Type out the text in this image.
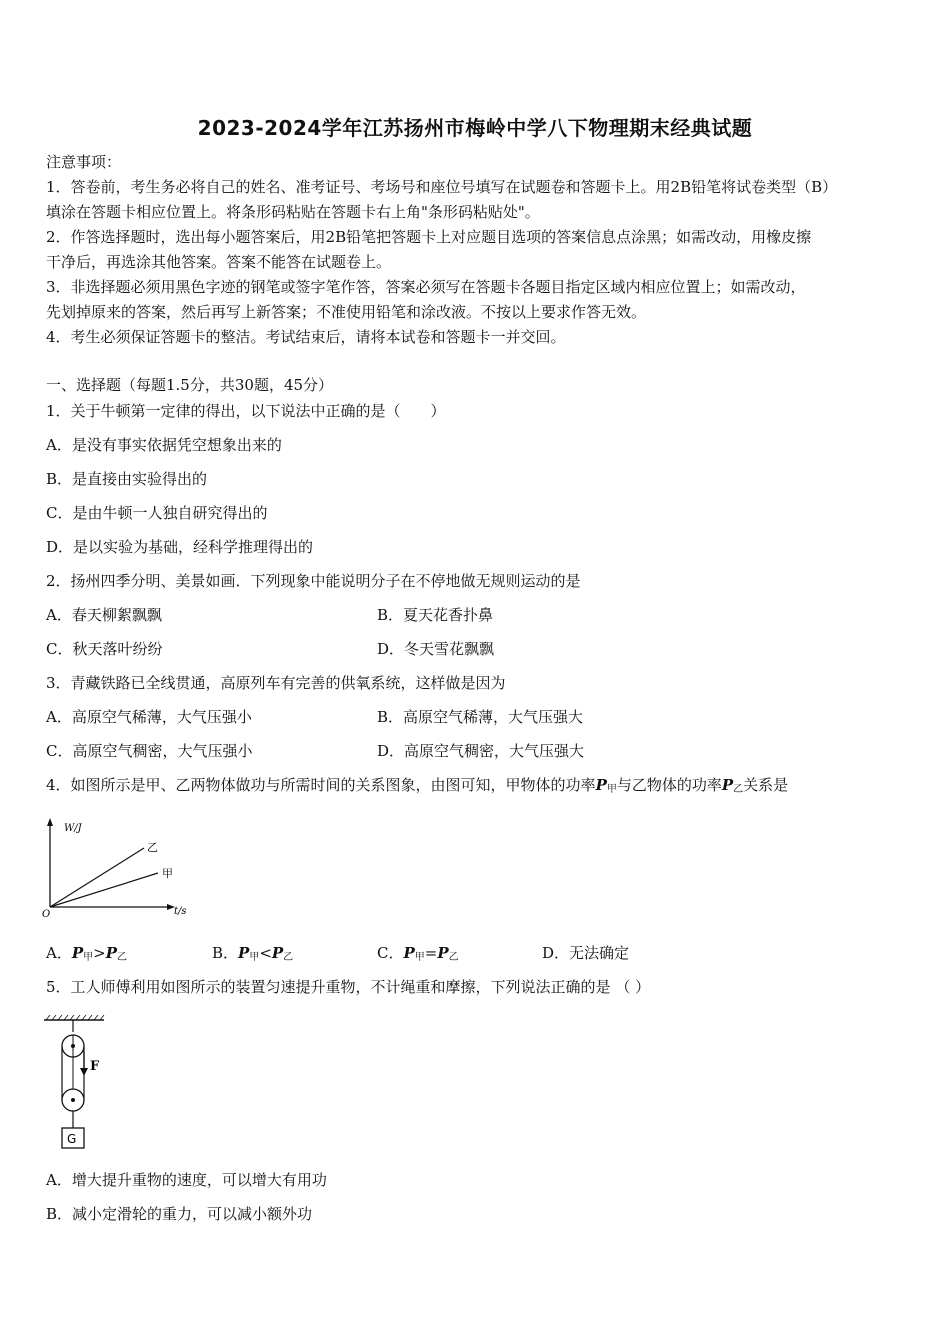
2023-2024学年江苏扬州市梅岭中学八下物理期末经典试题
注意事项：
1．答卷前，考生务必将自己的姓名、准考证号、考场号和座位号填写在试题卷和答题卡上。用2B铅笔将试卷类型（B）
填涂在答题卡相应位置上。将条形码粘贴在答题卡右上角"条形码粘贴处"。
2．作答选择题时，选出每小题答案后，用2B铅笔把答题卡上对应题目选项的答案信息点涂黑；如需改动，用橡皮擦
干净后，再选涂其他答案。答案不能答在试题卷上。
3．非选择题必须用黑色字迹的钢笔或签字笔作答，答案必须写在答题卡各题目指定区域内相应位置上；如需改动，
先划掉原来的答案，然后再写上新答案；不准使用铅笔和涂改液。不按以上要求作答无效。
4．考生必须保证答题卡的整洁。考试结束后，请将本试卷和答题卡一并交回。
一、选择题（每题1.5分，共30题，45分）
1．关于牛顿第一定律的得出，以下说法中正确的是（　　）
A．是没有事实依据凭空想象出来的
B．是直接由实验得出的
C．是由牛顿一人独自研究得出的
D．是以实验为基础，经科学推理得出的
2．扬州四季分明、美景如画．下列现象中能说明分子在不停地做无规则运动的是
A．春天柳絮飘飘	B．夏天花香扑鼻
C．秋天落叶纷纷	D．冬天雪花飘飘
3．青藏铁路已全线贯通，高原列车有完善的供氧系统，这样做是因为
A．高原空气稀薄，大气压强小	B．高原空气稀薄，大气压强大
C．高原空气稠密，大气压强小	D．高原空气稠密，大气压强大
4．如图所示是甲、乙两物体做功与所需时间的关系图象，由图可知，甲物体的功率$P_甲$与乙物体的功率$P_乙$关系是
W/J
t/s
O
乙
甲
A．$P_甲>P_乙$	B．$P_甲<P_乙$	C．$P_甲=P_乙$	D．无法确定
5．工人师傅利用如图所示的装置匀速提升重物，不计绳重和摩擦，下列说法正确的是 （ ）
F
G
A．增大提升重物的速度，可以增大有用功
B．减小定滑轮的重力，可以减小额外功
